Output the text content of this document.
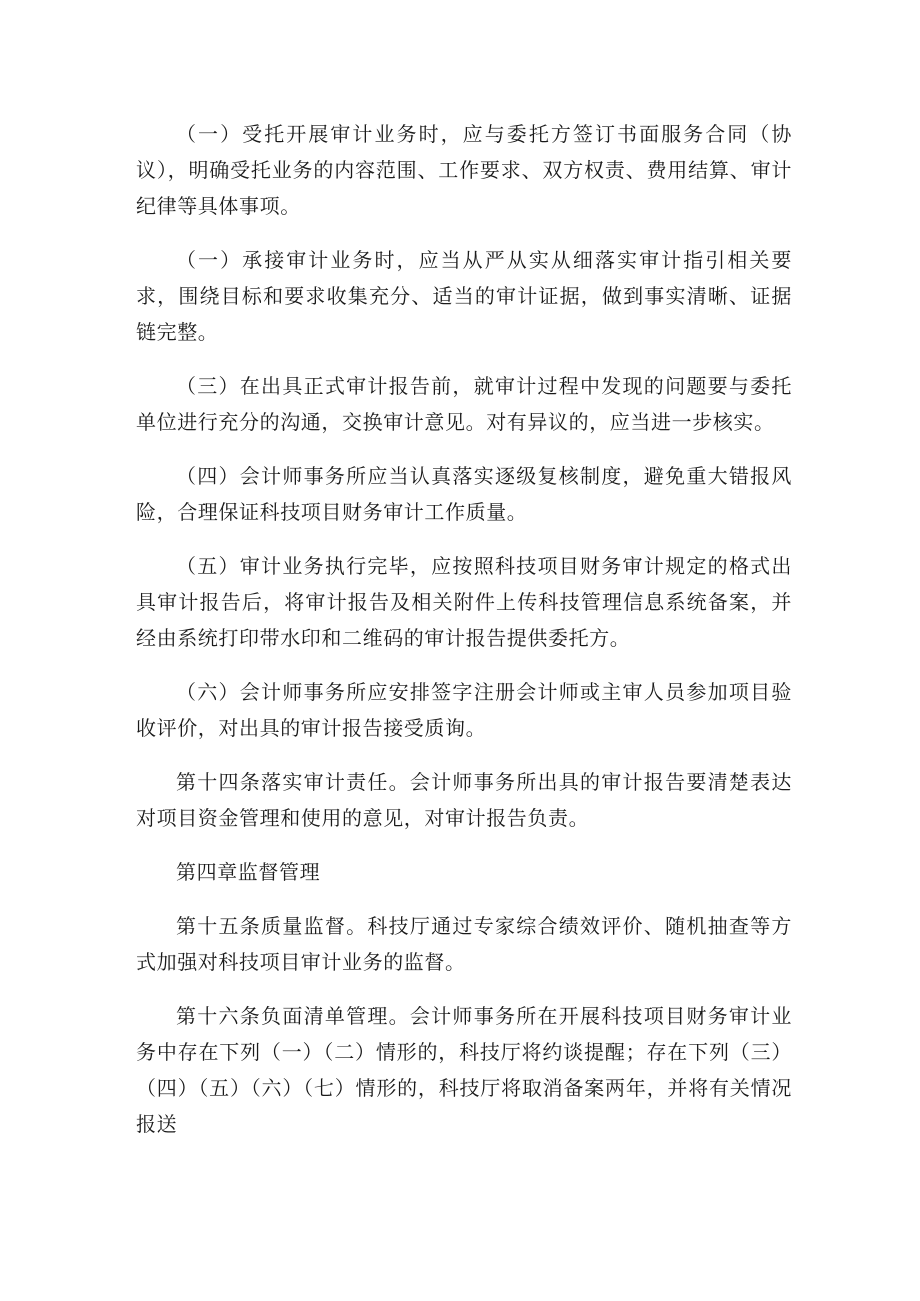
（一）受托开展审计业务时，应与委托方签订书面服务合同（协议），明确受托业务的内容范围、工作要求、双方权责、费用结算、审计纪律等具体事项。

（一）承接审计业务时，应当从严从实从细落实审计指引相关要求，围绕目标和要求收集充分、适当的审计证据，做到事实清晰、证据链完整。

（三）在出具正式审计报告前，就审计过程中发现的问题要与委托单位进行充分的沟通，交换审计意见。对有异议的，应当进一步核实。

（四）会计师事务所应当认真落实逐级复核制度，避免重大错报风险，合理保证科技项目财务审计工作质量。

（五）审计业务执行完毕，应按照科技项目财务审计规定的格式出具审计报告后，将审计报告及相关附件上传科技管理信息系统备案，并经由系统打印带水印和二维码的审计报告提供委托方。

（六）会计师事务所应安排签字注册会计师或主审人员参加项目验收评价，对出具的审计报告接受质询。

第十四条落实审计责任。会计师事务所出具的审计报告要清楚表达对项目资金管理和使用的意见，对审计报告负责。

第四章监督管理

第十五条质量监督。科技厅通过专家综合绩效评价、随机抽查等方式加强对科技项目审计业务的监督。

第十六条负面清单管理。会计师事务所在开展科技项目财务审计业务中存在下列（一）（二）情形的，科技厅将约谈提醒；存在下列（三）（四）（五）（六）（七）情形的，科技厅将取消备案两年，并将有关情况报送
